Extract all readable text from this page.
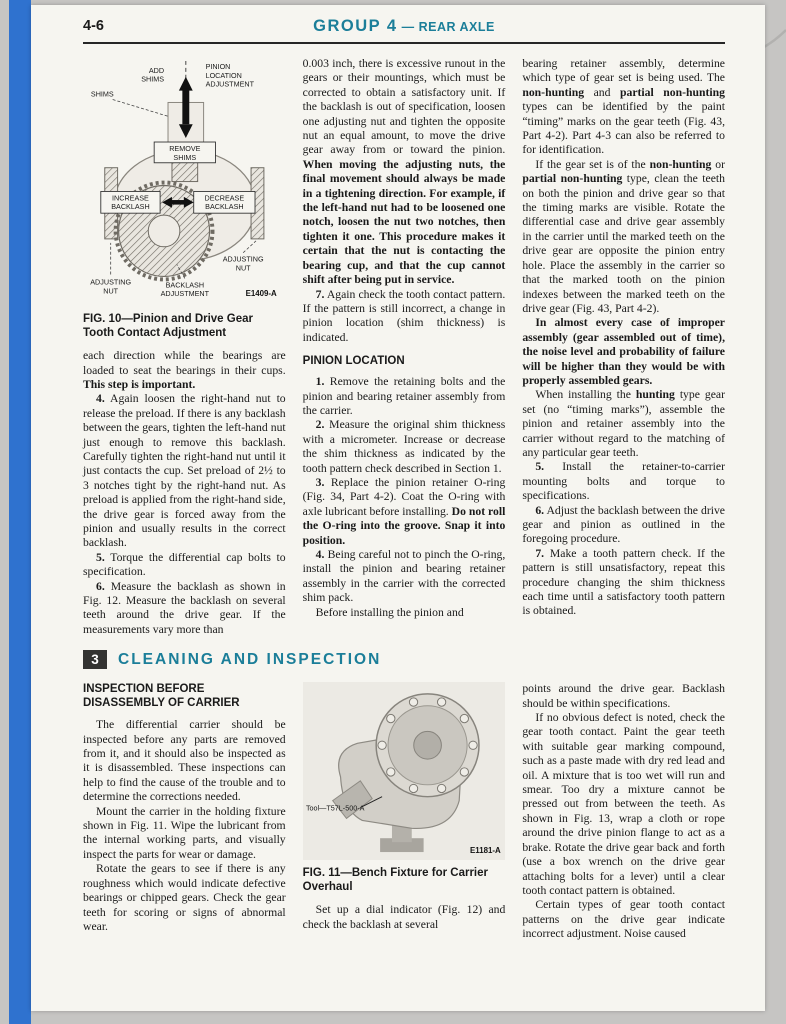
4-6	GROUP 4 — REAR AXLE
ADD
SHIMS
PINION
LOCATION
ADJUSTMENT
SHIMS
REMOVE
SHIMS
INCREASE
BACKLASH
DECREASE
BACKLASH
ADJUSTING
NUT
ADJUSTING
NUT
BACKLASH
ADJUSTMENT	E1409-A
FIG. 10—Pinion and Drive Gear
Tooth Contact Adjustment

each direction while the bearings are loaded to seat the bearings in their cups. This step is important.

4. Again loosen the right-hand nut to release the preload. If there is any backlash between the gears, tighten the left-hand nut just enough to remove this backlash. Carefully tighten the right-hand nut until it just contacts the cup. Set preload of 2½ to 3 notches tight by the right-hand nut. As preload is applied from the right-hand side, the drive gear is forced away from the pinion and usually results in the correct backlash.

5. Torque the differential cap bolts to specification.

6. Measure the backlash as shown in Fig. 12. Measure the backlash on several teeth around the drive gear. If the measurements vary more than

0.003 inch, there is excessive runout in the gears or their mountings, which must be corrected to obtain a satisfactory unit. If the backlash is out of specification, loosen one adjusting nut and tighten the opposite nut an equal amount, to move the drive gear away from or toward the pinion. When moving the adjusting nuts, the final movement should always be made in a tightening direction. For example, if the left-hand nut had to be loosened one notch, loosen the nut two notches, then tighten it one. This procedure makes it certain that the nut is contacting the bearing cup, and that the cup cannot shift after being put in service.

7. Again check the tooth contact pattern. If the pattern is still incorrect, a change in pinion location (shim thickness) is indicated.

PINION LOCATION

1. Remove the retaining bolts and the pinion and bearing retainer assembly from the carrier.

2. Measure the original shim thickness with a micrometer. Increase or decrease the shim thickness as indicated by the tooth pattern check described in Section 1.

3. Replace the pinion retainer O-ring (Fig. 34, Part 4-2). Coat the O-ring with axle lubricant before installing. Do not roll the O-ring into the groove. Snap it into position.

4. Being careful not to pinch the O-ring, install the pinion and bearing retainer assembly in the carrier with the corrected shim pack.

Before installing the pinion and

bearing retainer assembly, determine which type of gear set is being used. The non-hunting and partial non-hunting types can be identified by the paint “timing” marks on the gear teeth (Fig. 43, Part 4-2). Part 4-3 can also be referred to for identification.

If the gear set is of the non-hunting or partial non-hunting type, clean the teeth on both the pinion and drive gear so that the timing marks are visible. Rotate the differential case and drive gear assembly in the carrier until the marked teeth on the drive gear are opposite the pinion entry hole. Place the assembly in the carrier so that the marked tooth on the pinion indexes between the marked teeth on the drive gear (Fig. 43, Part 4-2).

In almost every case of improper assembly (gear assembled out of time), the noise level and probability of failure will be higher than they would be with properly assembled gears.

When installing the hunting type gear set (no “timing marks”), assemble the pinion and retainer assembly into the carrier without regard to the matching of any particular gear teeth.

5. Install the retainer-to-carrier mounting bolts and torque to specifications.

6. Adjust the backlash between the drive gear and pinion as outlined in the foregoing procedure.

7. Make a tooth pattern check. If the pattern is still unsatisfactory, repeat this procedure changing the shim thickness each time until a satisfactory tooth pattern is obtained.

3	CLEANING AND INSPECTION
INSPECTION BEFORE
DISASSEMBLY OF CARRIER

The differential carrier should be inspected before any parts are removed from it, and it should also be inspected as it is disassembled. These inspections can help to find the cause of the trouble and to determine the corrections needed.

Mount the carrier in the holding fixture shown in Fig. 11. Wipe the lubricant from the internal working parts, and visually inspect the parts for wear or damage.

Rotate the gears to see if there is any roughness which would indicate defective bearings or chipped gears. Check the gear teeth for scoring or signs of abnormal wear.

Tool—T57L-500-A
E1181-A
FIG. 11—Bench Fixture for Carrier
Overhaul

Set up a dial indicator (Fig. 12) and check the backlash at several

points around the drive gear. Backlash should be within specifications.

If no obvious defect is noted, check the gear tooth contact. Paint the gear teeth with suitable gear marking compound, such as a paste made with dry red lead and oil. A mixture that is too wet will run and smear. Too dry a mixture cannot be pressed out from between the teeth. As shown in Fig. 13, wrap a cloth or rope around the drive pinion flange to act as a brake. Rotate the drive gear back and forth (use a box wrench on the drive gear attaching bolts for a lever) until a clear tooth contact pattern is obtained.

Certain types of gear tooth contact patterns on the drive gear indicate incorrect adjustment. Noise caused
